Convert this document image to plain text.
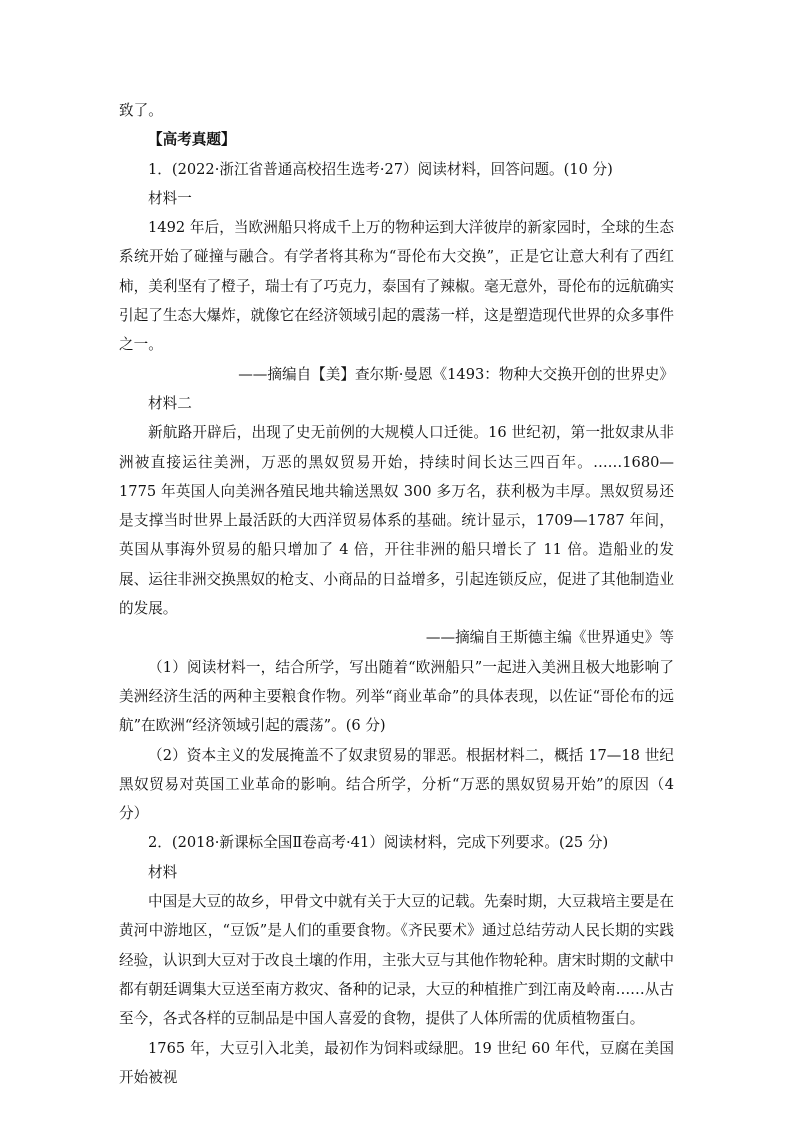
致了。

【高考真题】

1．(2022·浙江省普通高校招生选考·27）阅读材料，回答问题。(10 分)

材料一

1492 年后，当欧洲船只将成千上万的物种运到大洋彼岸的新家园时，全球的生态系统开始了碰撞与融合。有学者将其称为“哥伦布大交换”，正是它让意大利有了西红柿，美利坚有了橙子，瑞士有了巧克力，泰国有了辣椒。毫无意外，哥伦布的远航确实引起了生态大爆炸，就像它在经济领域引起的震荡一样，这是塑造现代世界的众多事件之一。

——摘编自【美】查尔斯·曼恩《1493：物种大交换开创的世界史》

材料二

新航路开辟后，出现了史无前例的大规模人口迁徙。16 世纪初，第一批奴隶从非洲被直接运往美洲，万恶的黑奴贸易开始，持续时间长达三四百年。……1680—1775 年英国人向美洲各殖民地共输送黑奴 300 多万名，获利极为丰厚。黑奴贸易还是支撑当时世界上最活跃的大西洋贸易体系的基础。统计显示，1709—1787 年间，英国从事海外贸易的船只增加了 4 倍，开往非洲的船只增长了 11 倍。造船业的发展、运往非洲交换黑奴的枪支、小商品的日益增多，引起连锁反应，促进了其他制造业的发展。

——摘编自王斯德主编《世界通史》等

（1）阅读材料一，结合所学，写出随着“欧洲船只”一起进入美洲且极大地影响了美洲经济生活的两种主要粮食作物。列举“商业革命”的具体表现，以佐证“哥伦布的远航”在欧洲“经济领域引起的震荡”。(6 分)

（2）资本主义的发展掩盖不了奴隶贸易的罪恶。根据材料二，概括 17—18 世纪黑奴贸易对英国工业革命的影响。结合所学，分析“万恶的黑奴贸易开始”的原因（4 分）

2．(2018·新课标全国Ⅱ卷高考·41）阅读材料，完成下列要求。(25 分)

材料

中国是大豆的故乡，甲骨文中就有关于大豆的记载。先秦时期，大豆栽培主要是在黄河中游地区，“豆饭”是人们的重要食物。《齐民要术》通过总结劳动人民长期的实践经验，认识到大豆对于改良土壤的作用，主张大豆与其他作物轮种。唐宋时期的文献中都有朝廷调集大豆送至南方救灾、备种的记录，大豆的种植推广到江南及岭南……从古至今，各式各样的豆制品是中国人喜爱的食物，提供了人体所需的优质植物蛋白。

1765 年，大豆引入北美，最初作为饲料或绿肥。19 世纪 60 年代，豆腐在美国开始被视
